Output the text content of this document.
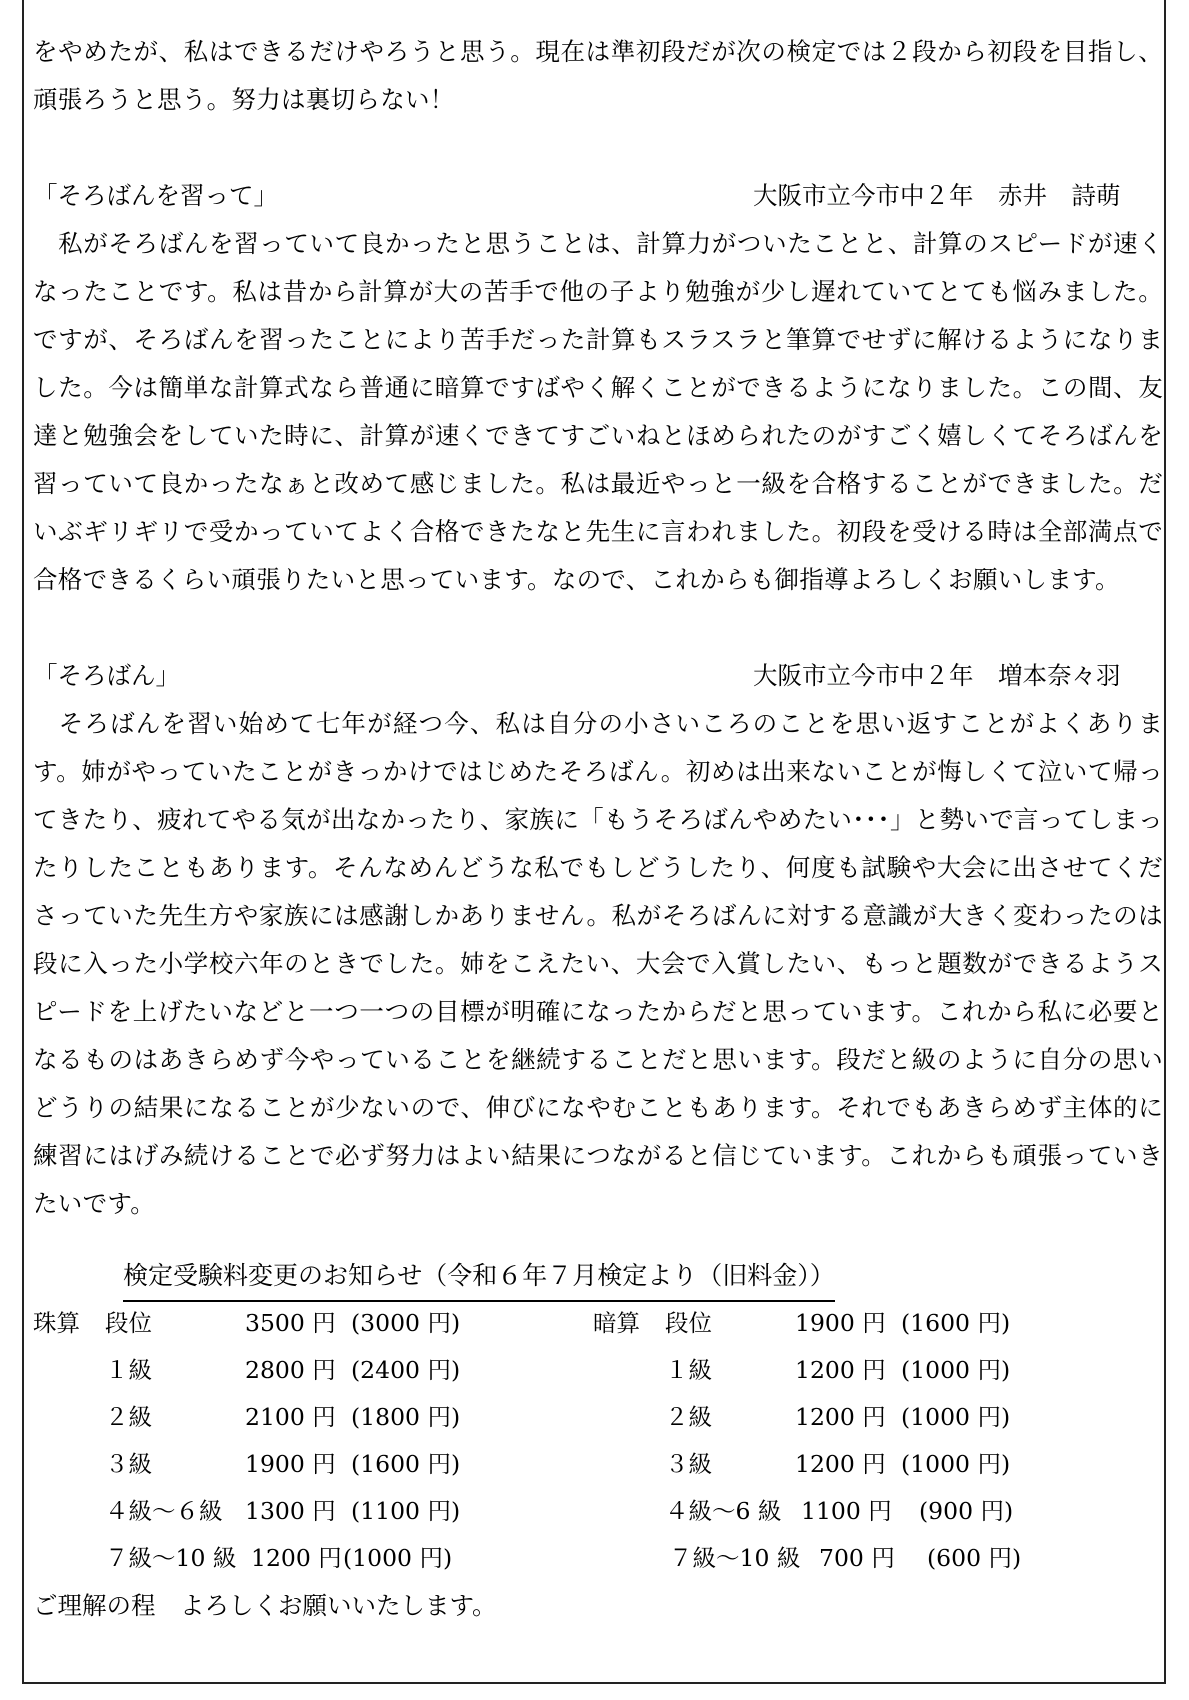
をやめたが、私はできるだけやろうと思う。現在は準初段だが次の検定では２段から初段を目指し、頑張ろうと思う。努力は裏切らない！

「そろばんを習って」	大阪市立今市中２年　赤井　詩萌

　私がそろばんを習っていて良かったと思うことは、計算力がついたことと、計算のスピードが速くなったことです。私は昔から計算が大の苦手で他の子より勉強が少し遅れていてとても悩みました。ですが、そろばんを習ったことにより苦手だった計算もスラスラと筆算でせずに解けるようになりました。今は簡単な計算式なら普通に暗算ですばやく解くことができるようになりました。この間、友達と勉強会をしていた時に、計算が速くできてすごいねとほめられたのがすごく嬉しくてそろばんを習っていて良かったなぁと改めて感じました。私は最近やっと一級を合格することができました。だいぶギリギリで受かっていてよく合格できたなと先生に言われました。初段を受ける時は全部満点で合格できるくらい頑張りたいと思っています。なので、これからも御指導よろしくお願いします。

「そろばん」	大阪市立今市中２年　増本奈々羽

　そろばんを習い始めて七年が経つ今、私は自分の小さいころのことを思い返すことがよくあります。姉がやっていたことがきっかけではじめたそろばん。初めは出来ないことが悔しくて泣いて帰ってきたり、疲れてやる気が出なかったり、家族に「もうそろばんやめたい･･･」と勢いで言ってしまったりしたこともあります。そんなめんどうな私でもしどうしたり、何度も試験や大会に出させてくださっていた先生方や家族には感謝しかありません。私がそろばんに対する意識が大きく変わったのは段に入った小学校六年のときでした。姉をこえたい、大会で入賞したい、もっと題数ができるようスピードを上げたいなどと一つ一つの目標が明確になったからだと思っています。これから私に必要となるものはあきらめず今やっていることを継続することだと思います。段だと級のように自分の思いどうりの結果になることが少ないので、伸びになやむこともあります。それでもあきらめず主体的に練習にはげみ続けることで必ず努力はよい結果につながると信じています。これからも頑張っていきたいです。

検定受験料変更のお知らせ（令和６年７月検定より（旧料金））
珠算 段位	3500 円 (3000 円)	暗算 段位	1900 円 (1600 円)
１級	2800 円 (2400 円)	１級	1200 円 (1000 円)
２級	2100 円 (1800 円)	２級	1200 円 (1000 円)
３級	1900 円 (1600 円)	３級	1200 円 (1000 円)
４級～６級 1300 円 (1100 円)	４級～6 級 1100 円 (900 円)
７級～10 級 1200 円 (1000 円)	７級～10 級 700 円 (600 円)

ご理解の程　よろしくお願いいたします。
